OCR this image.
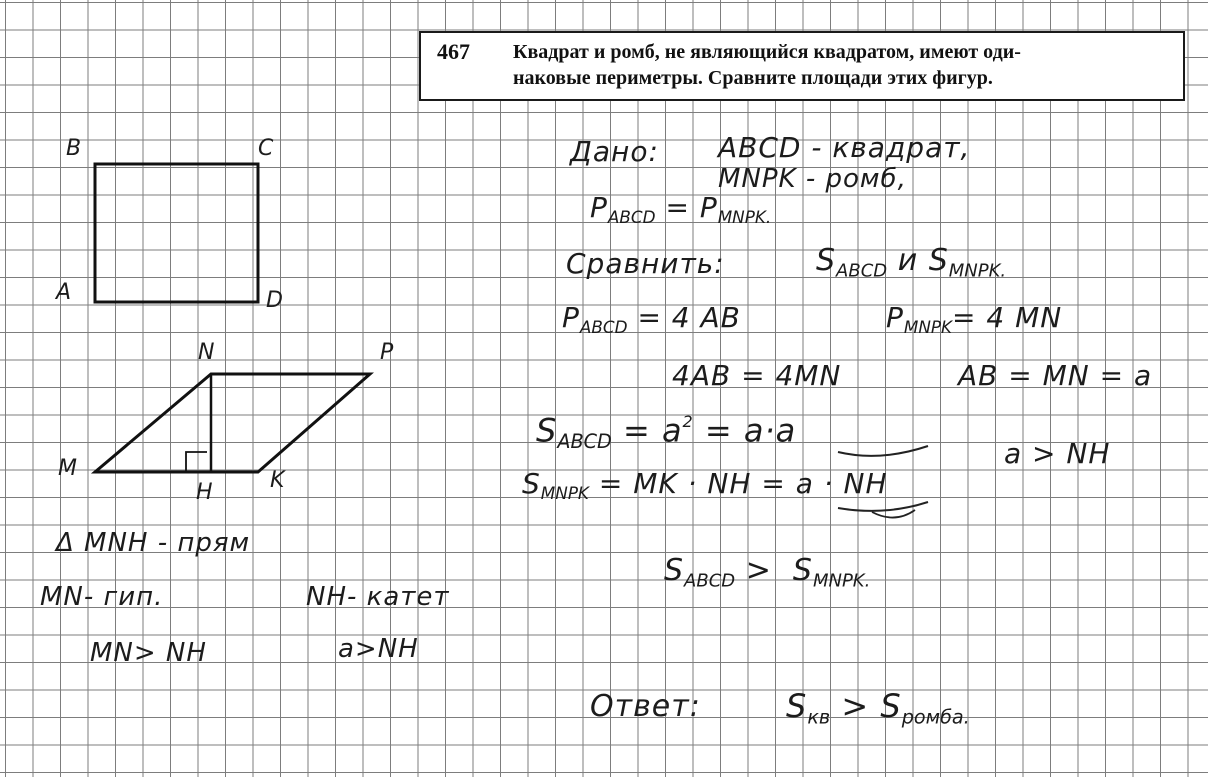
467 Квадрат и ромб, не являющийся квадратом, имеют оди-
наковые периметры. Сравните площади этих фигур.
B	C
A	D
N	P
M
H	K
Δ MNH - прям
MN- гип.	NH- катет
MN> NH	a>NH
Дано: ABCD - квадрат,
MNPK - ромб,
$P_{ABCD} = P_{MNPK.}$
Сравнить:	$S_{ABCD}$ и $S_{MNPK.}$
$P_{ABCD} = 4$ AB	$P_{MNPK}= 4$ MN
4AB = 4MN	AB = MN = a
$S_{ABCD} = a^2 = a\cdot a$
a > NH
$S_{MNPK}$ = MK · NH = a · NH
$S_{ABCD} > S_{MNPK.}$
Ответ:	$S_{кв} > S_{ромба.}$
